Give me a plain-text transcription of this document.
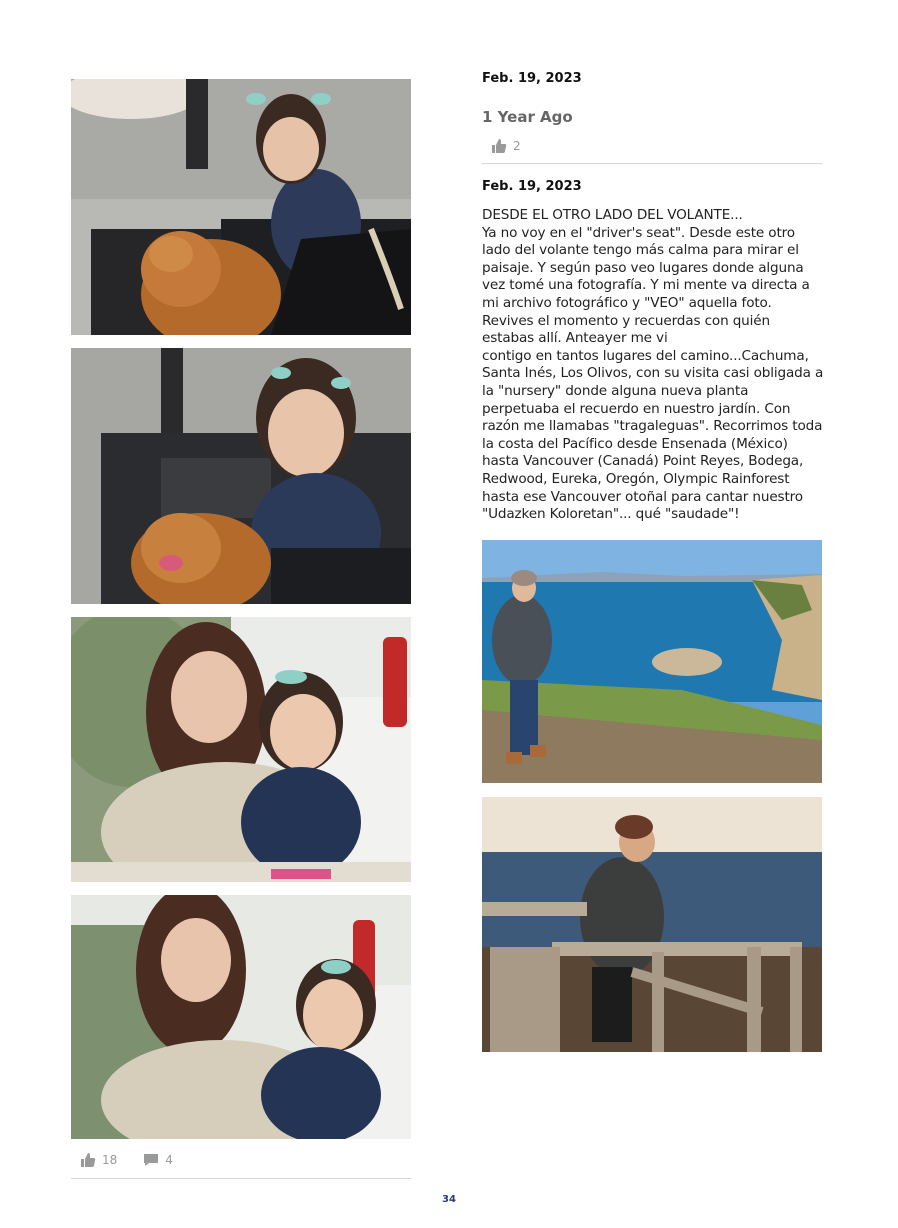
18	4
Feb. 19, 2023
1 Year Ago
2
Feb. 19, 2023
DESDE EL OTRO LADO DEL VOLANTE...
Ya no voy en el "driver's seat". Desde este otro lado del volante tengo más calma para mirar el paisaje. Y según paso veo lugares donde alguna vez tomé una fotografía. Y mi mente va directa a mi archivo fotográfico y "VEO" aquella foto. Revives el momento y recuerdas con quién estabas allí. Anteayer me vi
contigo en tantos lugares del camino...Cachuma, Santa Inés, Los Olivos, con su visita casi obligada a la "nursery" donde alguna nueva planta perpetuaba el recuerdo en nuestro jardín. Con razón me llamabas "tragaleguas". Recorrimos toda la costa del Pacífico desde Ensenada (México) hasta Vancouver (Canadá) Point Reyes, Bodega, Redwood, Eureka, Oregón, Olympic Rainforest hasta ese Vancouver otoñal para cantar nuestro "Udazken Koloretan"... qué "saudade"!
34
